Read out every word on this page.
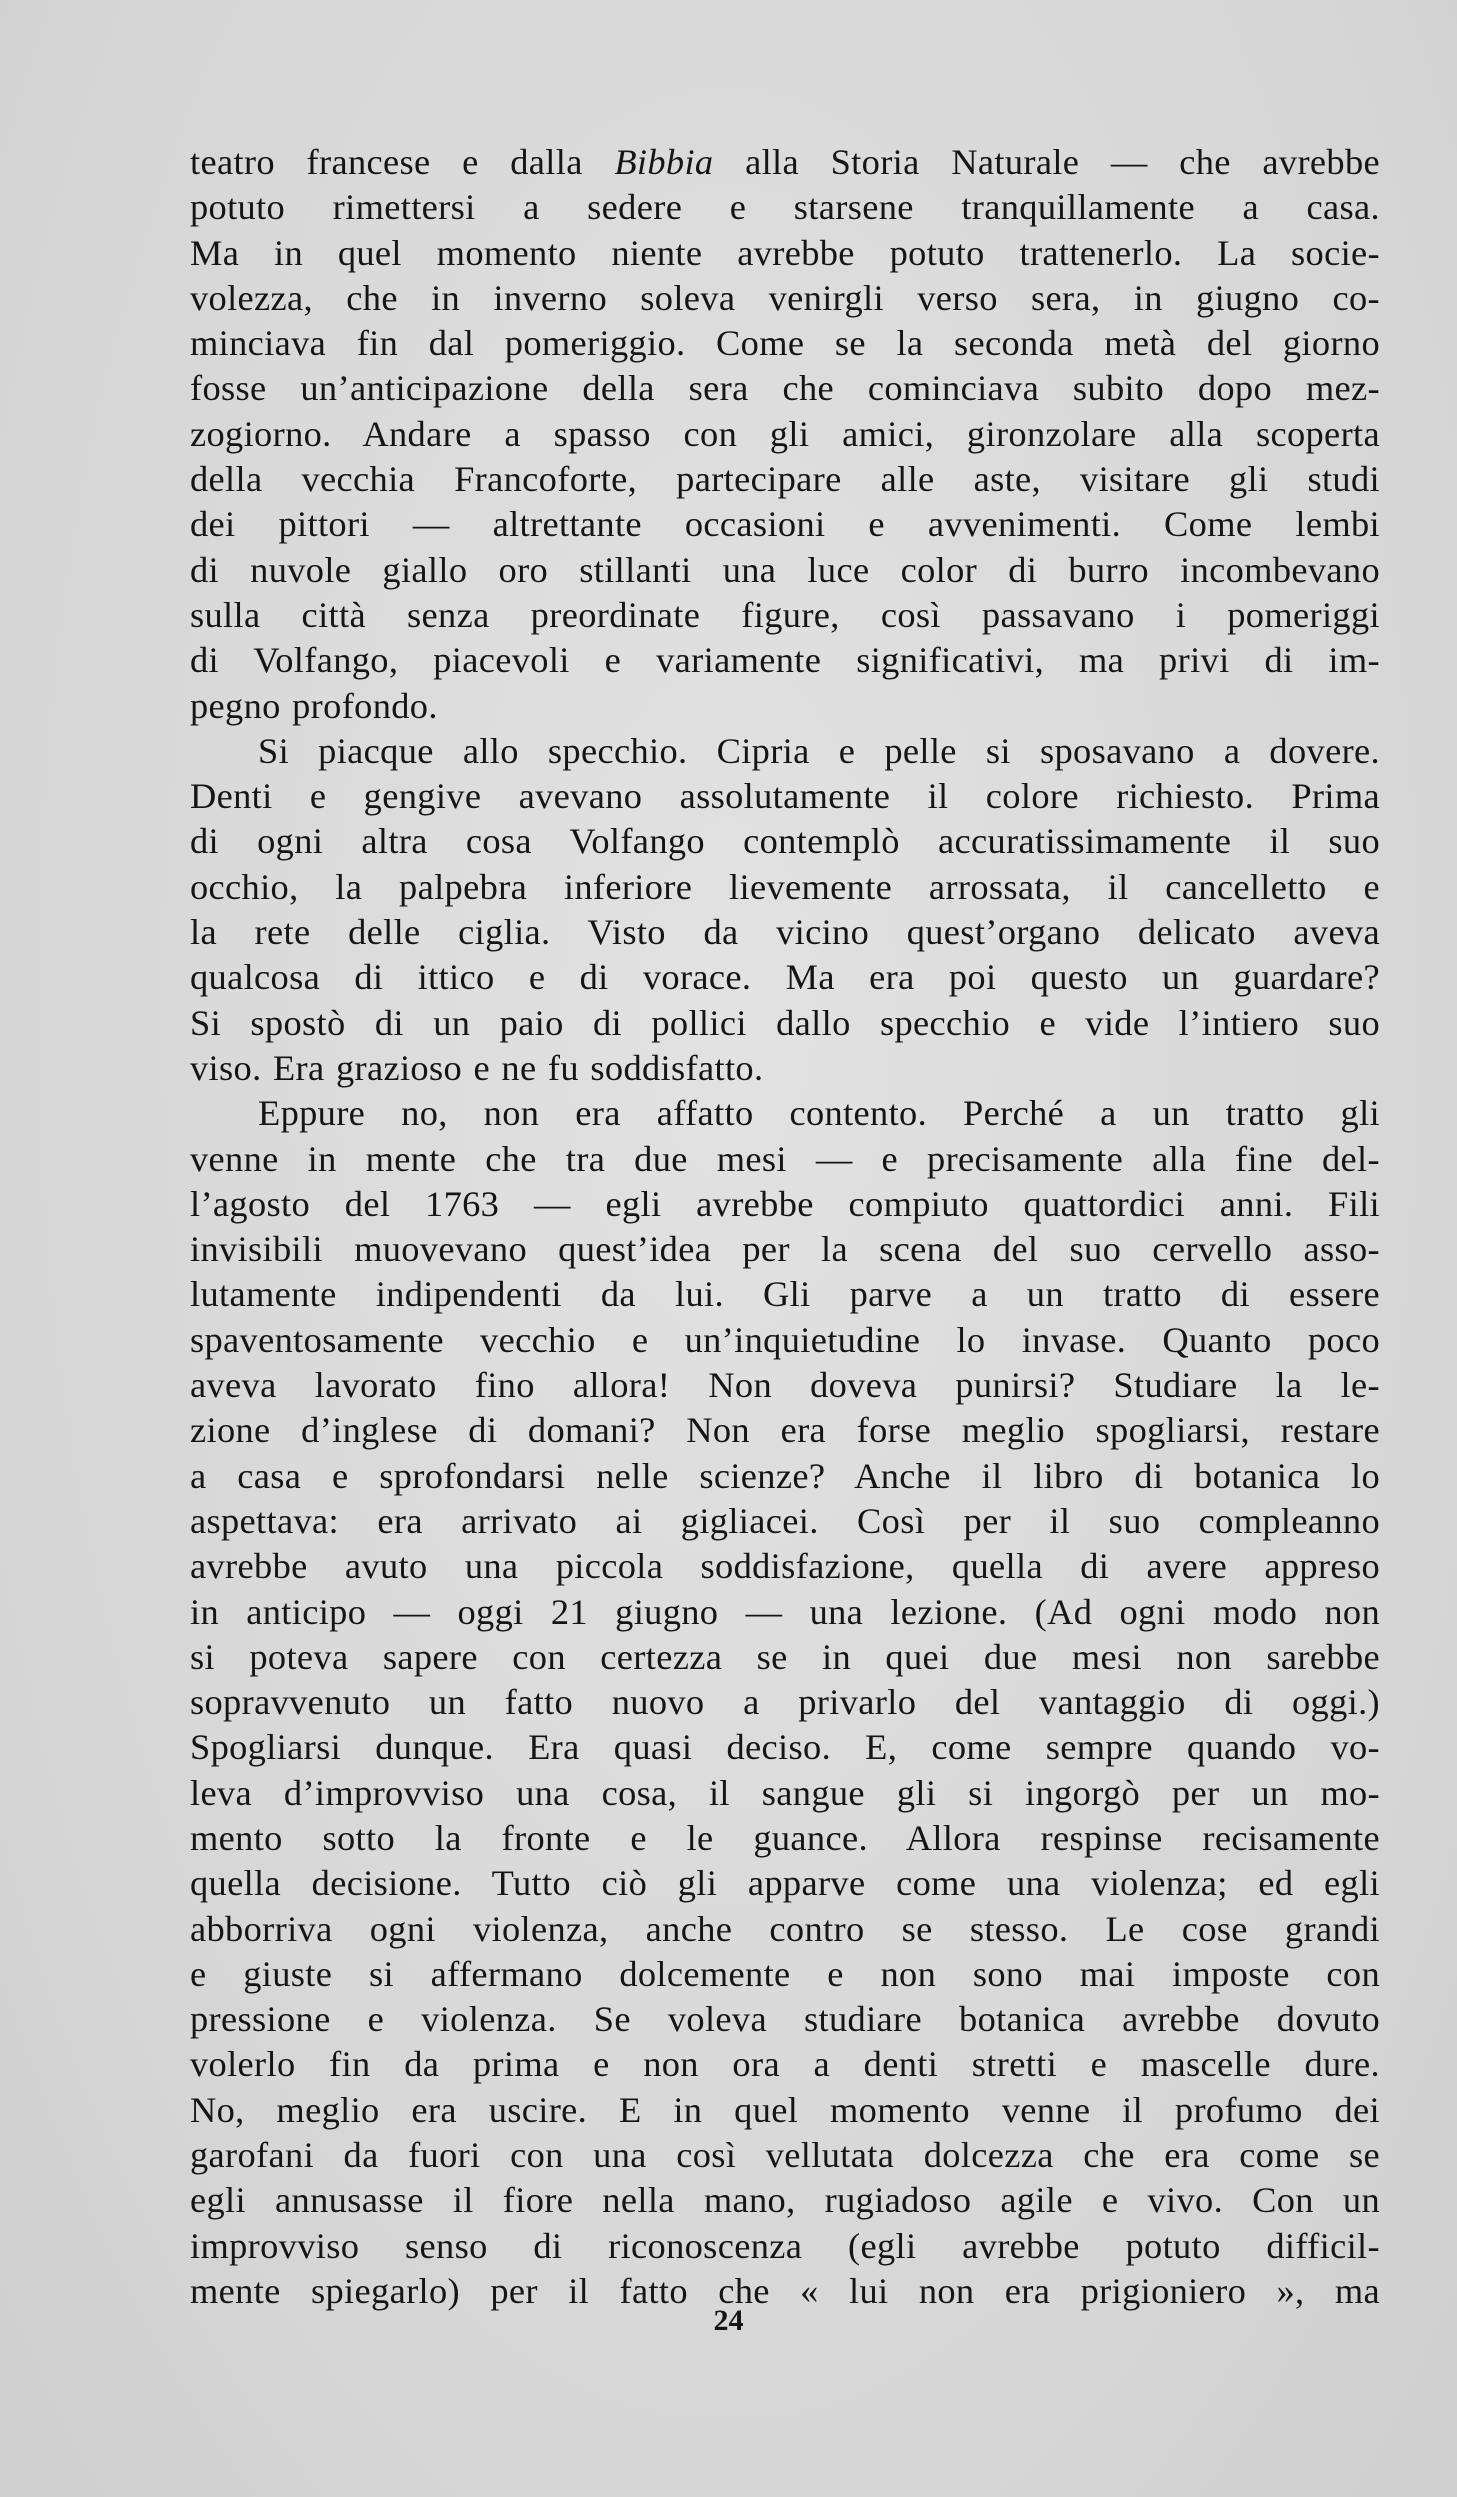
teatro francese e dalla Bibbia alla Storia Naturale — che avrebbe
potuto rimettersi a sedere e starsene tranquillamente a casa.
Ma in quel momento niente avrebbe potuto trattenerlo. La socie-
volezza, che in inverno soleva venirgli verso sera, in giugno co-
minciava fin dal pomeriggio. Come se la seconda metà del giorno
fosse un’anticipazione della sera che cominciava subito dopo mez-
zogiorno. Andare a spasso con gli amici, gironzolare alla scoperta
della vecchia Francoforte, partecipare alle aste, visitare gli studi
dei pittori — altrettante occasioni e avvenimenti. Come lembi
di nuvole giallo oro stillanti una luce color di burro incombevano
sulla città senza preordinate figure, così passavano i pomeriggi
di Volfango, piacevoli e variamente significativi, ma privi di im-
pegno profondo.
Si piacque allo specchio. Cipria e pelle si sposavano a dovere.
Denti e gengive avevano assolutamente il colore richiesto. Prima
di ogni altra cosa Volfango contemplò accuratissimamente il suo
occhio, la palpebra inferiore lievemente arrossata, il cancelletto e
la rete delle ciglia. Visto da vicino quest’organo delicato aveva
qualcosa di ittico e di vorace. Ma era poi questo un guardare?
Si spostò di un paio di pollici dallo specchio e vide l’intiero suo
viso. Era grazioso e ne fu soddisfatto.
Eppure no, non era affatto contento. Perché a un tratto gli
venne in mente che tra due mesi — e precisamente alla fine del-
l’agosto del 1763 — egli avrebbe compiuto quattordici anni. Fili
invisibili muovevano quest’idea per la scena del suo cervello asso-
lutamente indipendenti da lui. Gli parve a un tratto di essere
spaventosamente vecchio e un’inquietudine lo invase. Quanto poco
aveva lavorato fino allora! Non doveva punirsi? Studiare la le-
zione d’inglese di domani? Non era forse meglio spogliarsi, restare
a casa e sprofondarsi nelle scienze? Anche il libro di botanica lo
aspettava: era arrivato ai gigliacei. Così per il suo compleanno
avrebbe avuto una piccola soddisfazione, quella di avere appreso
in anticipo — oggi 21 giugno — una lezione. (Ad ogni modo non
si poteva sapere con certezza se in quei due mesi non sarebbe
sopravvenuto un fatto nuovo a privarlo del vantaggio di oggi.)
Spogliarsi dunque. Era quasi deciso. E, come sempre quando vo-
leva d’improvviso una cosa, il sangue gli si ingorgò per un mo-
mento sotto la fronte e le guance. Allora respinse recisamente
quella decisione. Tutto ciò gli apparve come una violenza; ed egli
abborriva ogni violenza, anche contro se stesso. Le cose grandi
e giuste si affermano dolcemente e non sono mai imposte con
pressione e violenza. Se voleva studiare botanica avrebbe dovuto
volerlo fin da prima e non ora a denti stretti e mascelle dure.
No, meglio era uscire. E in quel momento venne il profumo dei
garofani da fuori con una così vellutata dolcezza che era come se
egli annusasse il fiore nella mano, rugiadoso agile e vivo. Con un
improvviso senso di riconoscenza (egli avrebbe potuto difficil-
mente spiegarlo) per il fatto che « lui non era prigioniero », ma
24
